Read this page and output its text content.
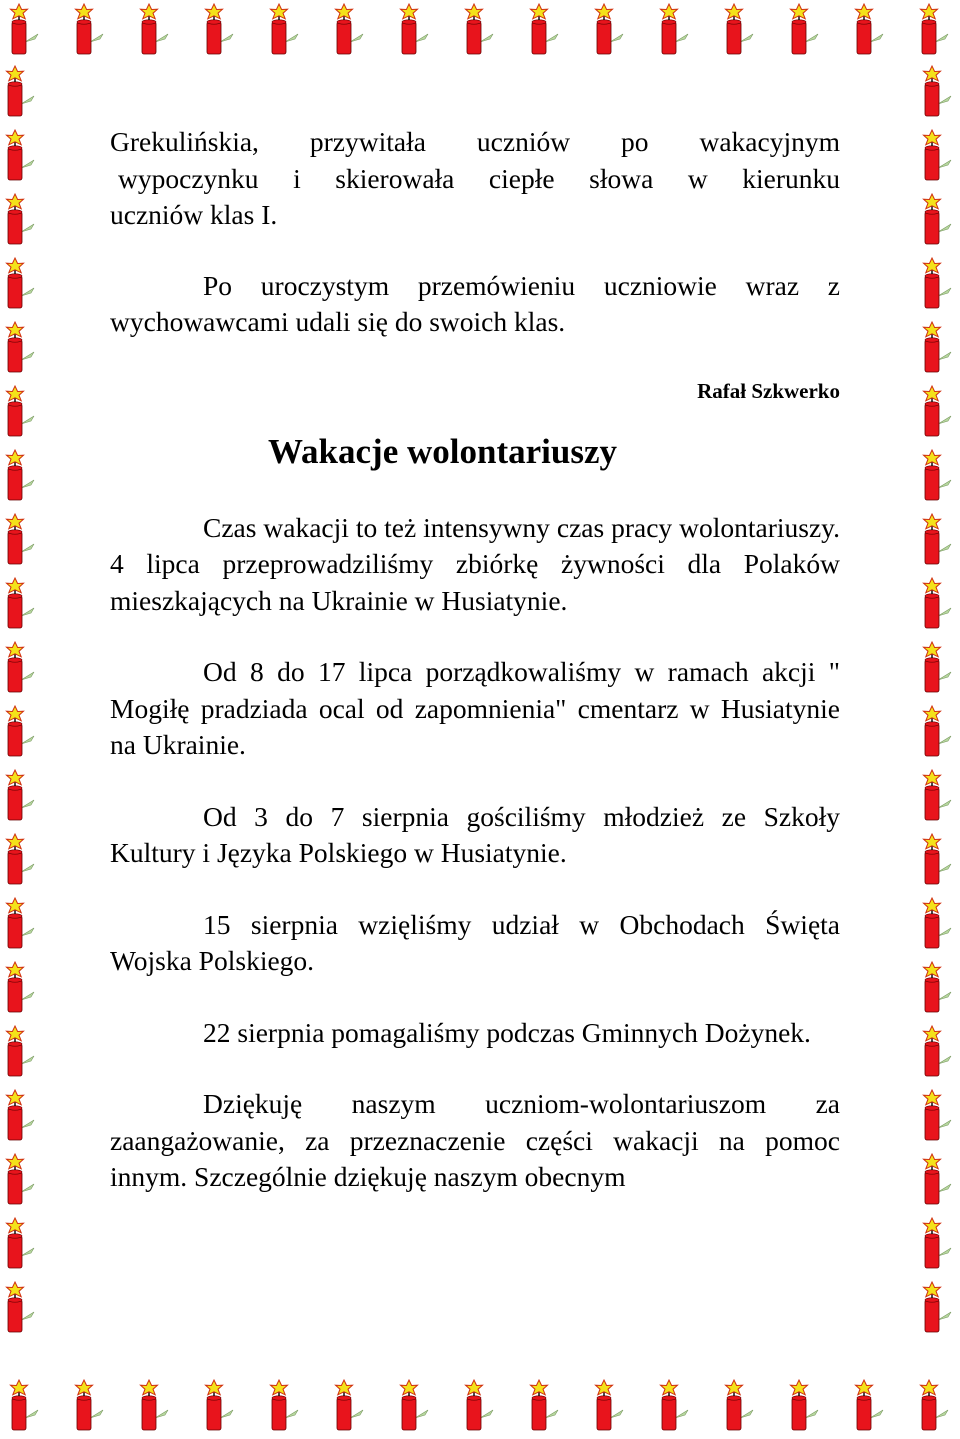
Grekulińskia, przywitała uczniów po wakacyjnym
wypoczynku i skierowała ciepłe słowa w kierunku
uczniów klas I.

Po uroczystym przemówieniu uczniowie wraz z wychowawcami udali się do swoich klas.

Rafał Szkwerko

Wakacje wolontariuszy

Czas wakacji to też intensywny czas pracy wolontariuszy. 4 lipca przeprowadziliśmy zbiórkę żywności dla Polaków mieszkających na Ukrainie w Husiatynie.

Od 8 do 17 lipca porządkowaliśmy w ramach akcji " Mogiłę pradziada ocal od zapomnienia" cmentarz w Husiatynie na Ukrainie.

Od 3 do 7 sierpnia gościliśmy młodzież ze Szkoły Kultury i Języka Polskiego w Husiatynie.

15 sierpnia wzięliśmy udział w Obchodach Święta Wojska Polskiego.

22 sierpnia pomagaliśmy podczas Gminnych Dożynek.

Dziękuję naszym uczniom-wolontariuszom za zaangażowanie, za przeznaczenie części wakacji na pomoc innym. Szczególnie dziękuję naszym obecnym
